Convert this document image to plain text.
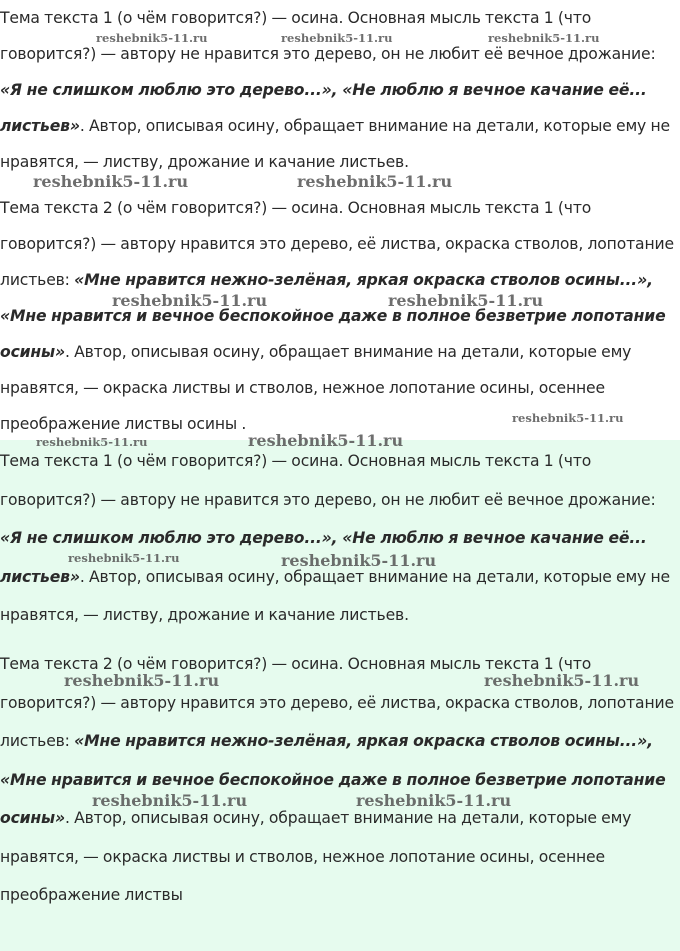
Тема текста 1 (о чём говорится?) — осина. Основная мысль текста 1 (что говорится?) — автору не нравится это дерево, он не любит её вечное дрожание: «Я не слишком люблю это дерево...», «Не люблю я вечное качание её... листьев». Автор, описывая осину, обращает внимание на детали, которые ему не нравятся, — листву, дрожание и качание листьев.

Тема текста 2 (о чём говорится?) — осина. Основная мысль текста 1 (что говорится?) — автору нравится это дерево, её листва, окраска стволов, лопотание листьев: «Мне нравится нежно-зелёная, яркая окраска стволов осины...», «Мне нравится и вечное беспокойное даже в полное безветрие лопотание осины». Автор, описывая осину, обращает внимание на детали, которые ему нравятся, — окраска листвы и стволов, нежное лопотание осины, осеннее преображение листвы осины .

Тема текста 1 (о чём говорится?) — осина. Основная мысль текста 1 (что говорится?) — автору не нравится это дерево, он не любит её вечное дрожание: «Я не слишком люблю это дерево...», «Не люблю я вечное качание её... листьев». Автор, описывая осину, обращает внимание на детали, которые ему не нравятся, — листву, дрожание и качание листьев.

Тема текста 2 (о чём говорится?) — осина. Основная мысль текста 1 (что говорится?) — автору нравится это дерево, её листва, окраска стволов, лопотание листьев: «Мне нравится нежно-зелёная, яркая окраска стволов осины...», «Мне нравится и вечное беспокойное даже в полное безветрие лопотание осины». Автор, описывая осину, обращает внимание на детали, которые ему нравятся, — окраска листвы и стволов, нежное лопотание осины, осеннее преображение листвы

reshebnik5-11.ru	reshebnik5-11.ru	reshebnik5-11.ru
reshebnik5-11.ru	reshebnik5-11.ru
reshebnik5-11.ru	reshebnik5-11.ru
reshebnik5-11.ru
reshebnik5-11.ru	reshebnik5-11.ru
reshebnik5-11.ru	reshebnik5-11.ru
reshebnik5-11.ru	reshebnik5-11.ru
reshebnik5-11.ru	reshebnik5-11.ru
